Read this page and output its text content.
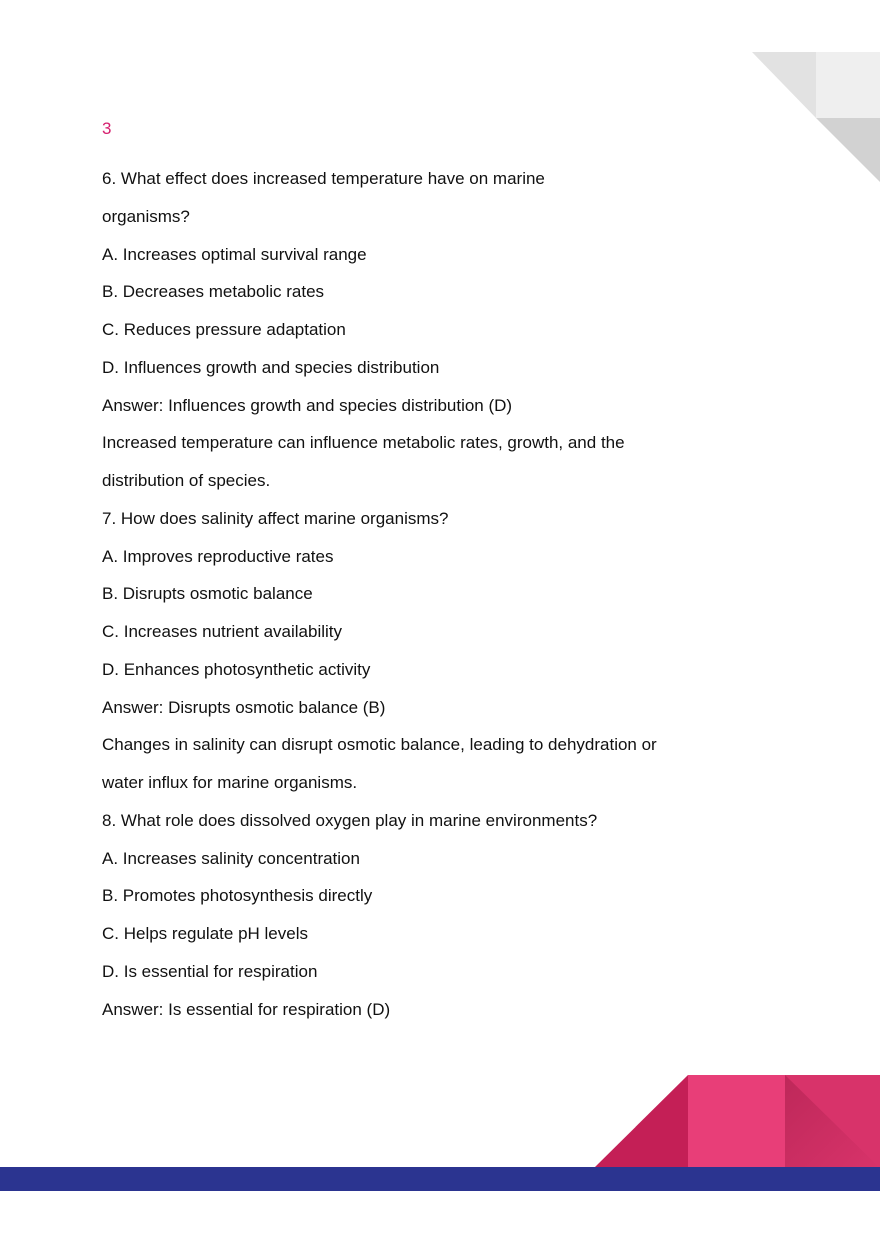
3
6. What effect does increased temperature have on marine
organisms?
A. Increases optimal survival range
B. Decreases metabolic rates
C. Reduces pressure adaptation
D. Influences growth and species distribution
Answer: Influences growth and species distribution (D)
Increased temperature can influence metabolic rates, growth, and the
distribution of species.
7. How does salinity affect marine organisms?
A. Improves reproductive rates
B. Disrupts osmotic balance
C. Increases nutrient availability
D. Enhances photosynthetic activity
Answer: Disrupts osmotic balance (B)
Changes in salinity can disrupt osmotic balance, leading to dehydration or
water influx for marine organisms.
8. What role does dissolved oxygen play in marine environments?
A. Increases salinity concentration
B. Promotes photosynthesis directly
C. Helps regulate pH levels
D. Is essential for respiration
Answer: Is essential for respiration (D)
